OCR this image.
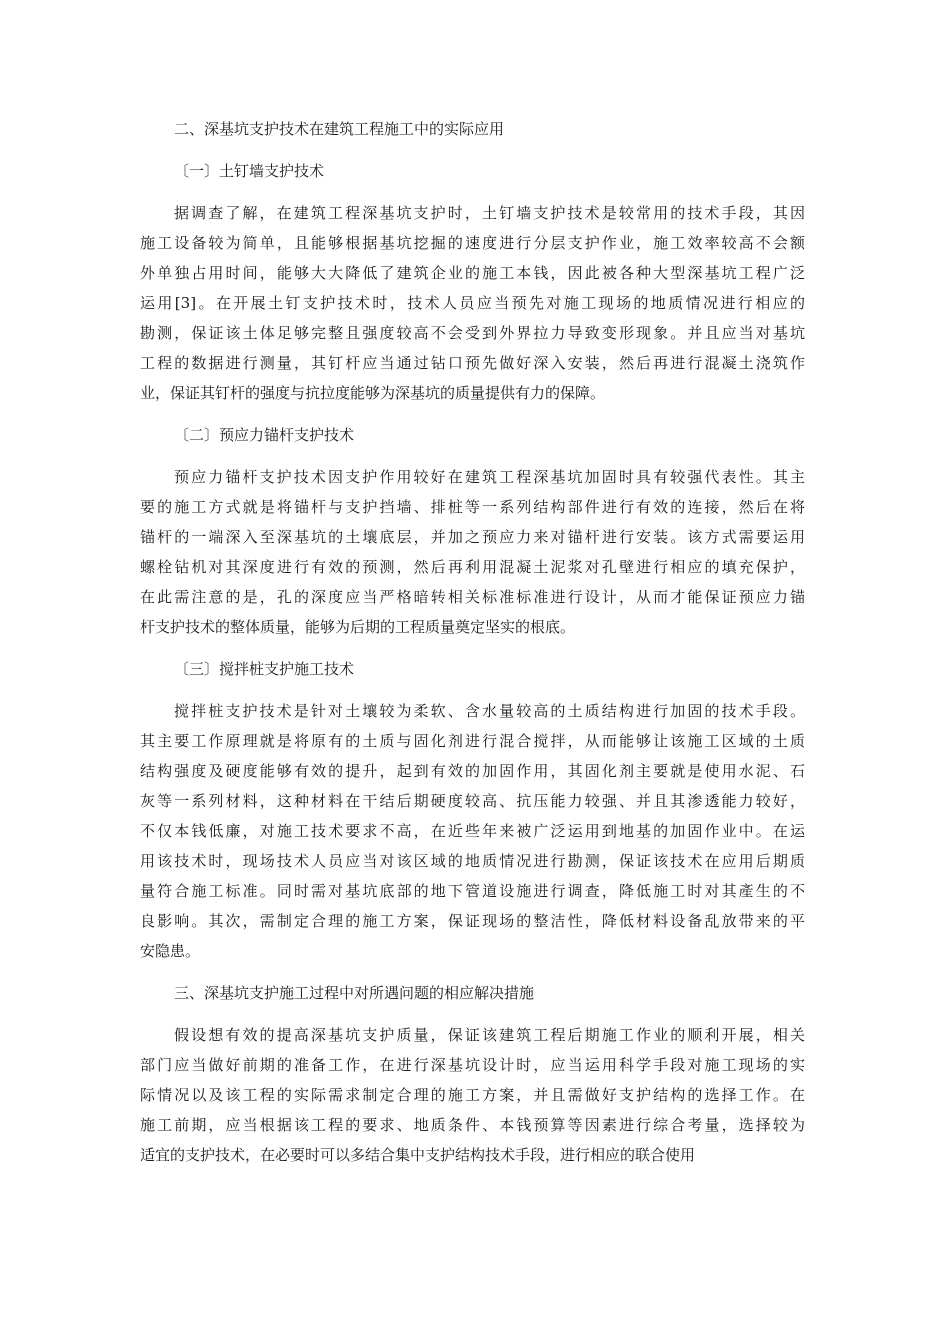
二、深基坑支护技术在建筑工程施工中的实际应用
〔一〕土钉墙支护技术
据调查了解，在建筑工程深基坑支护时，土钉墙支护技术是较常用的技术手段，其因
施工设备较为简单，且能够根据基坑挖掘的速度进行分层支护作业，施工效率较高不会额
外单独占用时间，能够大大降低了建筑企业的施工本钱，因此被各种大型深基坑工程广泛
运用[3]。在开展土钉支护技术时，技术人员应当预先对施工现场的地质情况进行相应的
勘测，保证该土体足够完整且强度较高不会受到外界拉力导致变形现象。并且应当对基坑
工程的数据进行测量，其钉杆应当通过钻口预先做好深入安装，然后再进行混凝土浇筑作
业，保证其钉杆的强度与抗拉度能够为深基坑的质量提供有力的保障。
〔二〕预应力锚杆支护技术
预应力锚杆支护技术因支护作用较好在建筑工程深基坑加固时具有较强代表性。其主
要的施工方式就是将锚杆与支护挡墙、排桩等一系列结构部件进行有效的连接，然后在将
锚杆的一端深入至深基坑的土壤底层，并加之预应力来对锚杆进行安装。该方式需要运用
螺栓钻机对其深度进行有效的预测，然后再利用混凝土泥浆对孔壁进行相应的填充保护，
在此需注意的是，孔的深度应当严格暗转相关标准标准进行设计，从而才能保证预应力锚
杆支护技术的整体质量，能够为后期的工程质量奠定坚实的根底。
〔三〕搅拌桩支护施工技术
搅拌桩支护技术是针对土壤较为柔软、含水量较高的土质结构进行加固的技术手段。
其主要工作原理就是将原有的土质与固化剂进行混合搅拌，从而能够让该施工区域的土质
结构强度及硬度能够有效的提升，起到有效的加固作用，其固化剂主要就是使用水泥、石
灰等一系列材料，这种材料在干结后期硬度较高、抗压能力较强、并且其渗透能力较好，
不仅本钱低廉，对施工技术要求不高，在近些年来被广泛运用到地基的加固作业中。在运
用该技术时，现场技术人员应当对该区域的地质情况进行勘测，保证该技术在应用后期质
量符合施工标准。同时需对基坑底部的地下管道设施进行调查，降低施工时对其產生的不
良影响。其次，需制定合理的施工方案，保证现场的整洁性，降低材料设备乱放带来的平
安隐患。
三、深基坑支护施工过程中对所遇问题的相应解决措施
假设想有效的提高深基坑支护质量，保证该建筑工程后期施工作业的顺利开展，相关
部门应当做好前期的准备工作，在进行深基坑设计时，应当运用科学手段对施工现场的实
际情况以及该工程的实际需求制定合理的施工方案，并且需做好支护结构的选择工作。在
施工前期，应当根据该工程的要求、地质条件、本钱预算等因素进行综合考量，选择较为
适宜的支护技术，在必要时可以多结合集中支护结构技术手段，进行相应的联合使用
